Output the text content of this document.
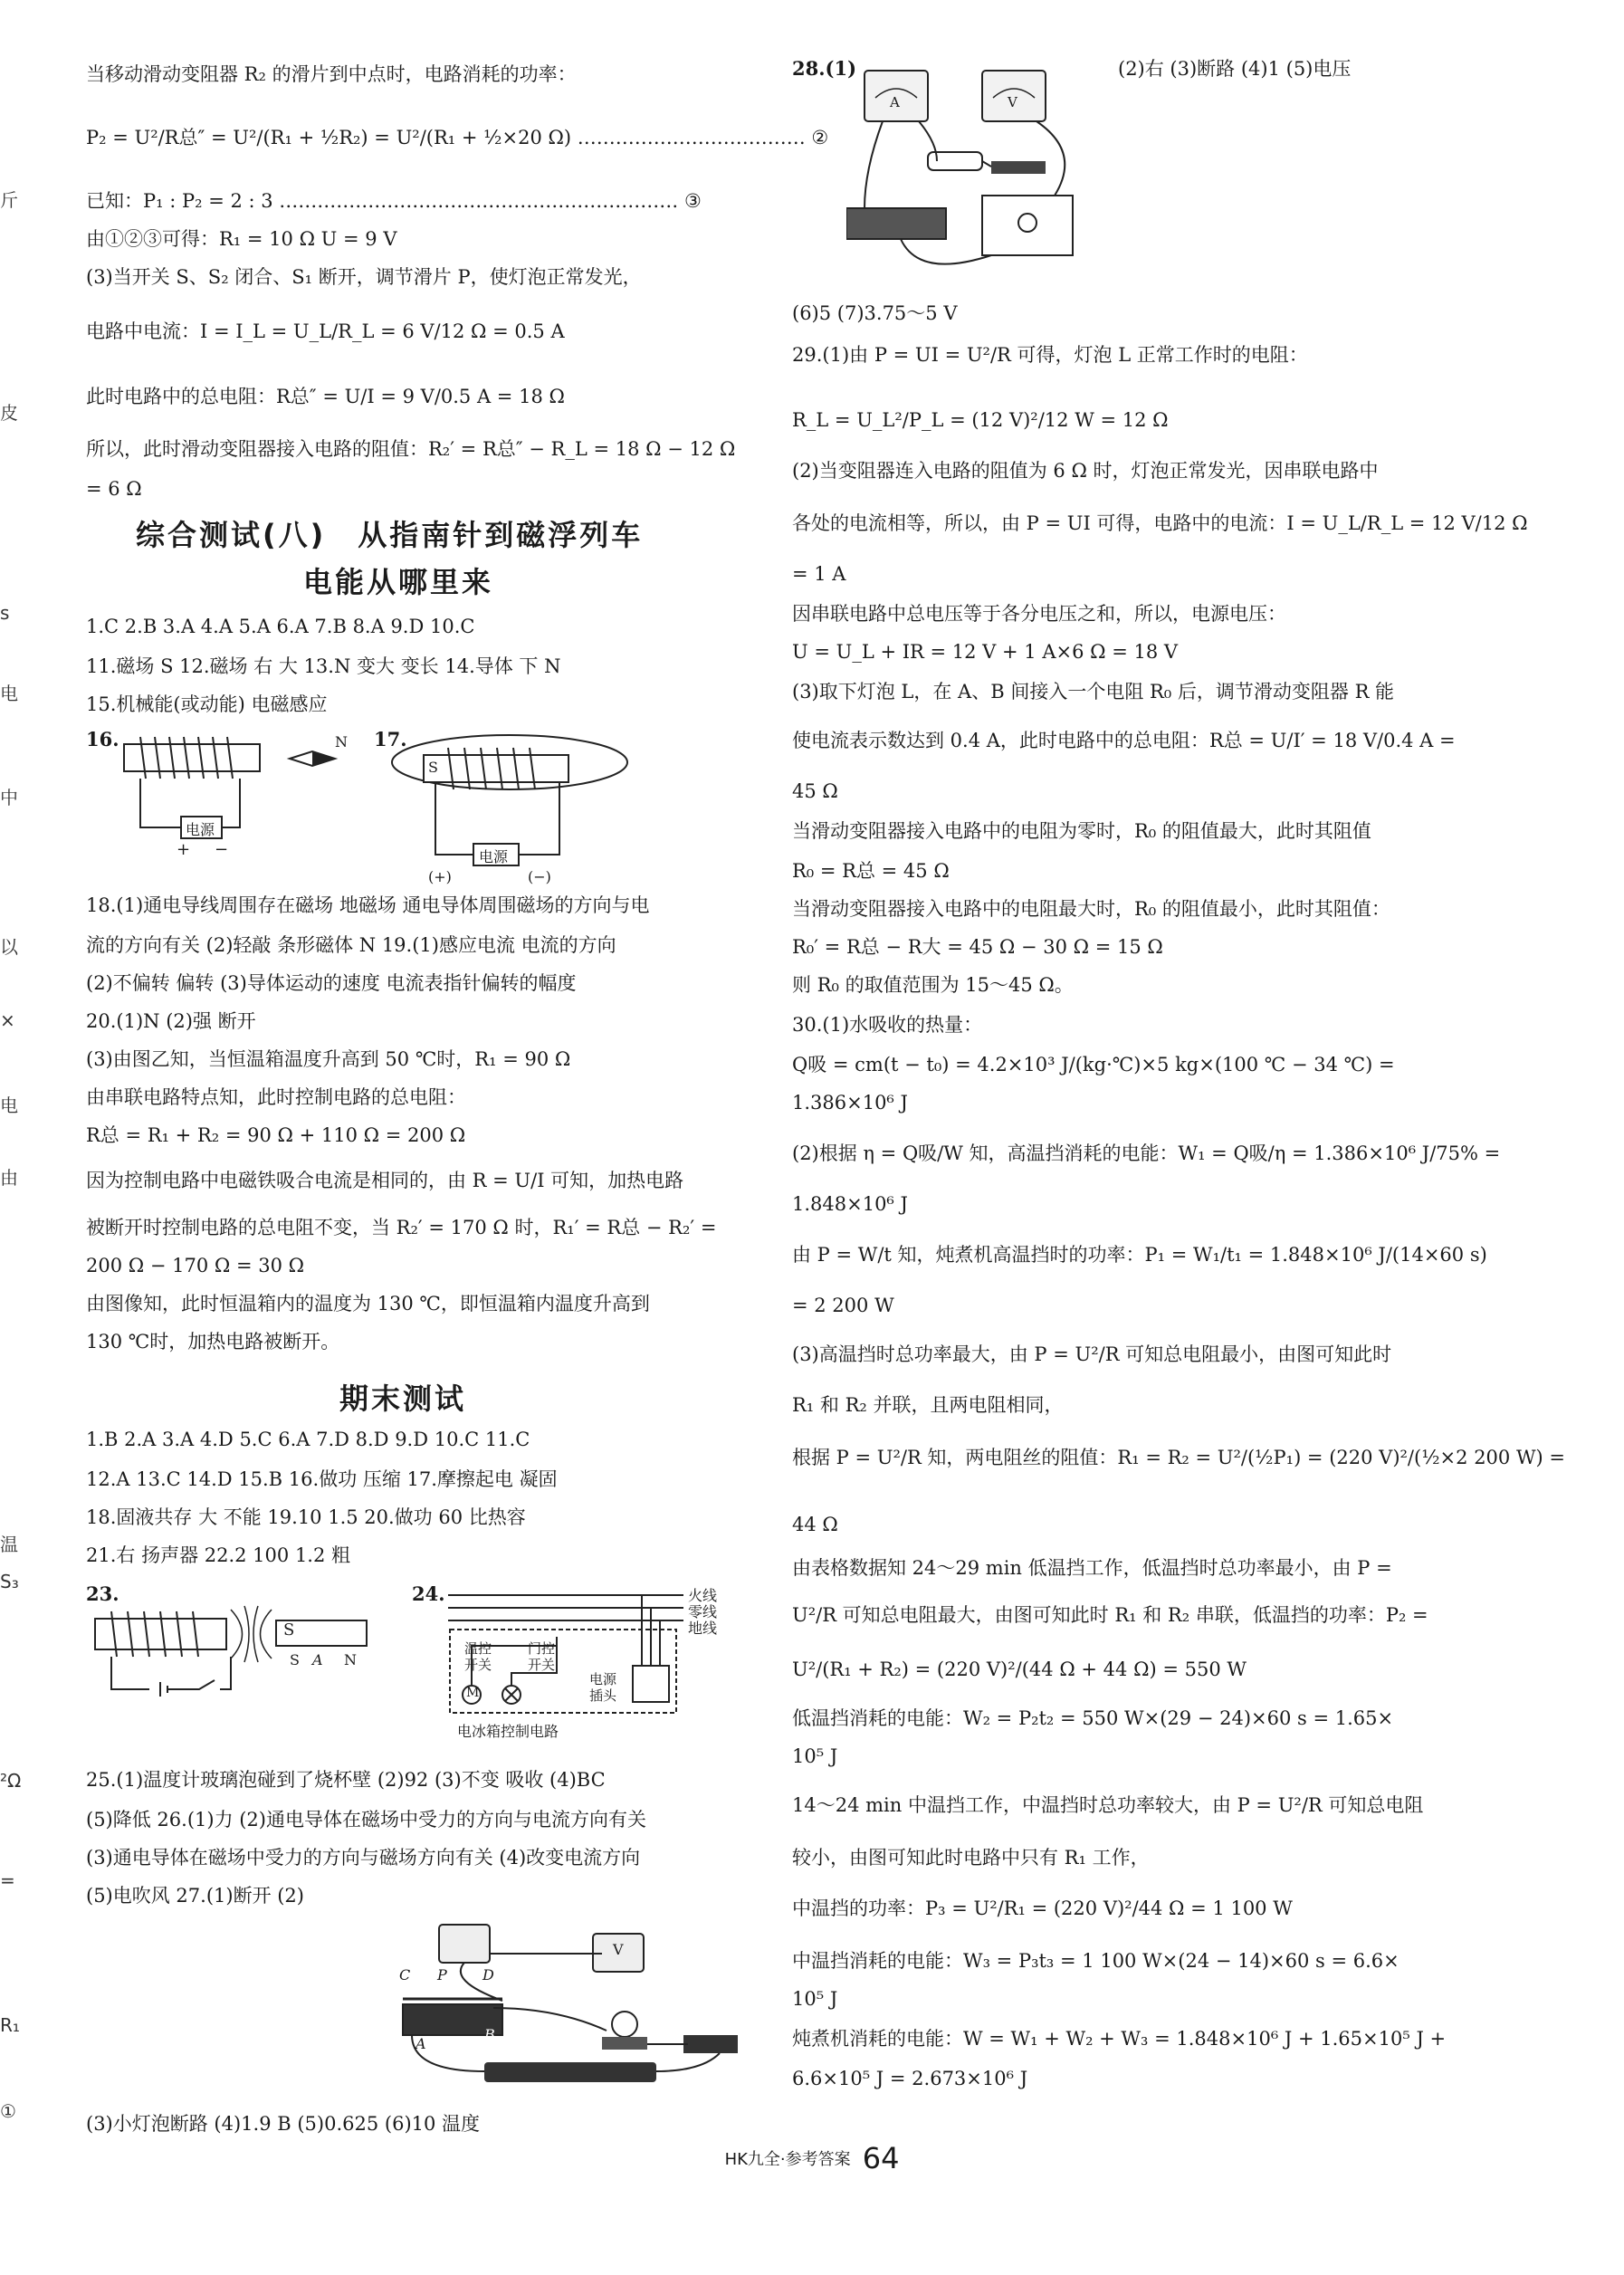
斤
皮
s
电
中
以
×
电
由
温
S₃
²Ω
=
R₁
①
当移动滑动变阻器 R₂ 的滑片到中点时，电路消耗的功率：
P₂ = U²/R总″ = U²/(R₁ + ½R₂) = U²/(R₁ + ½×20 Ω) ……………………………… ②
已知：P₁ : P₂ = 2 : 3 ……………………………………………………… ③
由①②③可得：R₁ = 10 Ω U = 9 V
(3)当开关 S、S₂ 闭合、S₁ 断开，调节滑片 P，使灯泡正常发光，
电路中电流：I = I_L = U_L/R_L = 6 V/12 Ω = 0.5 A
此时电路中的总电阻：R总″ = U/I = 9 V/0.5 A = 18 Ω
所以，此时滑动变阻器接入电路的阻值：R₂′ = R总″ − R_L = 18 Ω − 12 Ω
= 6 Ω
综合测试(八)　从指南针到磁浮列车
电能从哪里来
1.C 2.B 3.A 4.A 5.A 6.A 7.B 8.A 9.D 10.C
11.磁场 S 12.磁场 右 大 13.N 变大 变长 14.导体 下 N
15.机械能(或动能) 电磁感应
16.
电源
N
+ −
17.
S
电源
(+)	(−)
18.(1)通电导线周围存在磁场 地磁场 通电导体周围磁场的方向与电
流的方向有关 (2)轻敲 条形磁体 N 19.(1)感应电流 电流的方向
(2)不偏转 偏转 (3)导体运动的速度 电流表指针偏转的幅度
20.(1)N (2)强 断开
(3)由图乙知，当恒温箱温度升高到 50 ℃时，R₁ = 90 Ω
由串联电路特点知，此时控制电路的总电阻：
R总 = R₁ + R₂ = 90 Ω + 110 Ω = 200 Ω
因为控制电路中电磁铁吸合电流是相同的，由 R = U/I 可知，加热电路
被断开时控制电路的总电阻不变，当 R₂′ = 170 Ω 时，R₁′ = R总 − R₂′ =
200 Ω − 170 Ω = 30 Ω
由图像知，此时恒温箱内的温度为 130 ℃，即恒温箱内温度升高到
130 ℃时，加热电路被断开。
期末测试
1.B 2.A 3.A 4.D 5.C 6.A 7.D 8.D 9.D 10.C 11.C
12.A 13.C 14.D 15.B 16.做功 压缩 17.摩擦起电 凝固
18.固液共存 大 不能 19.10 1.5 20.做功 60 比热容
21.右 扬声器 22.2 100 1.2 粗
23.
S
A N
S
24.	火线
零线
地线
温控
开关
门控
开关
电源
插头
M
电冰箱控制电路
25.(1)温度计玻璃泡碰到了烧杯壁 (2)92 (3)不变 吸收 (4)BC
(5)降低 26.(1)力 (2)通电导体在磁场中受力的方向与电流方向有关
(3)通电导体在磁场中受力的方向与磁场方向有关 (4)改变电流方向
(5)电吹风 27.(1)断开 (2)
C P D
A
B
V
(3)小灯泡断路 (4)1.9 B (5)0.625 (6)10 温度
28.(1)	(2)右 (3)断路 (4)1 (5)电压
A	V
(6)5 (7)3.75～5 V
29.(1)由 P = UI = U²/R 可得，灯泡 L 正常工作时的电阻：
R_L = U_L²/P_L = (12 V)²/12 W = 12 Ω
(2)当变阻器连入电路的阻值为 6 Ω 时，灯泡正常发光，因串联电路中
各处的电流相等，所以，由 P = UI 可得，电路中的电流：I = U_L/R_L = 12 V/12 Ω
= 1 A
因串联电路中总电压等于各分电压之和，所以，电源电压：
U = U_L + IR = 12 V + 1 A×6 Ω = 18 V
(3)取下灯泡 L，在 A、B 间接入一个电阻 R₀ 后，调节滑动变阻器 R 能
使电流表示数达到 0.4 A，此时电路中的总电阻：R总 = U/I′ = 18 V/0.4 A =
45 Ω
当滑动变阻器接入电路中的电阻为零时，R₀ 的阻值最大，此时其阻值
R₀ = R总 = 45 Ω
当滑动变阻器接入电路中的电阻最大时，R₀ 的阻值最小，此时其阻值：
R₀′ = R总 − R大 = 45 Ω − 30 Ω = 15 Ω
则 R₀ 的取值范围为 15～45 Ω。
30.(1)水吸收的热量：
Q吸 = cm(t − t₀) = 4.2×10³ J/(kg·℃)×5 kg×(100 ℃ − 34 ℃) =
1.386×10⁶ J
(2)根据 η = Q吸/W 知，高温挡消耗的电能：W₁ = Q吸/η = 1.386×10⁶ J/75% =
1.848×10⁶ J
由 P = W/t 知，炖煮机高温挡时的功率：P₁ = W₁/t₁ = 1.848×10⁶ J/(14×60 s)
= 2 200 W
(3)高温挡时总功率最大，由 P = U²/R 可知总电阻最小，由图可知此时
R₁ 和 R₂ 并联，且两电阻相同，
根据 P = U²/R 知，两电阻丝的阻值：R₁ = R₂ = U²/(½P₁) = (220 V)²/(½×2 200 W) =
44 Ω
由表格数据知 24～29 min 低温挡工作，低温挡时总功率最小，由 P =
U²/R 可知总电阻最大，由图可知此时 R₁ 和 R₂ 串联，低温挡的功率：P₂ =
U²/(R₁ + R₂) = (220 V)²/(44 Ω + 44 Ω) = 550 W
低温挡消耗的电能：W₂ = P₂t₂ = 550 W×(29 − 24)×60 s = 1.65×
10⁵ J
14～24 min 中温挡工作，中温挡时总功率较大，由 P = U²/R 可知总电阻
较小，由图可知此时电路中只有 R₁ 工作，
中温挡的功率：P₃ = U²/R₁ = (220 V)²/44 Ω = 1 100 W
中温挡消耗的电能：W₃ = P₃t₃ = 1 100 W×(24 − 14)×60 s = 6.6×
10⁵ J
炖煮机消耗的电能：W = W₁ + W₂ + W₃ = 1.848×10⁶ J + 1.65×10⁵ J +
6.6×10⁵ J = 2.673×10⁶ J
HK九全·参考答案 64
